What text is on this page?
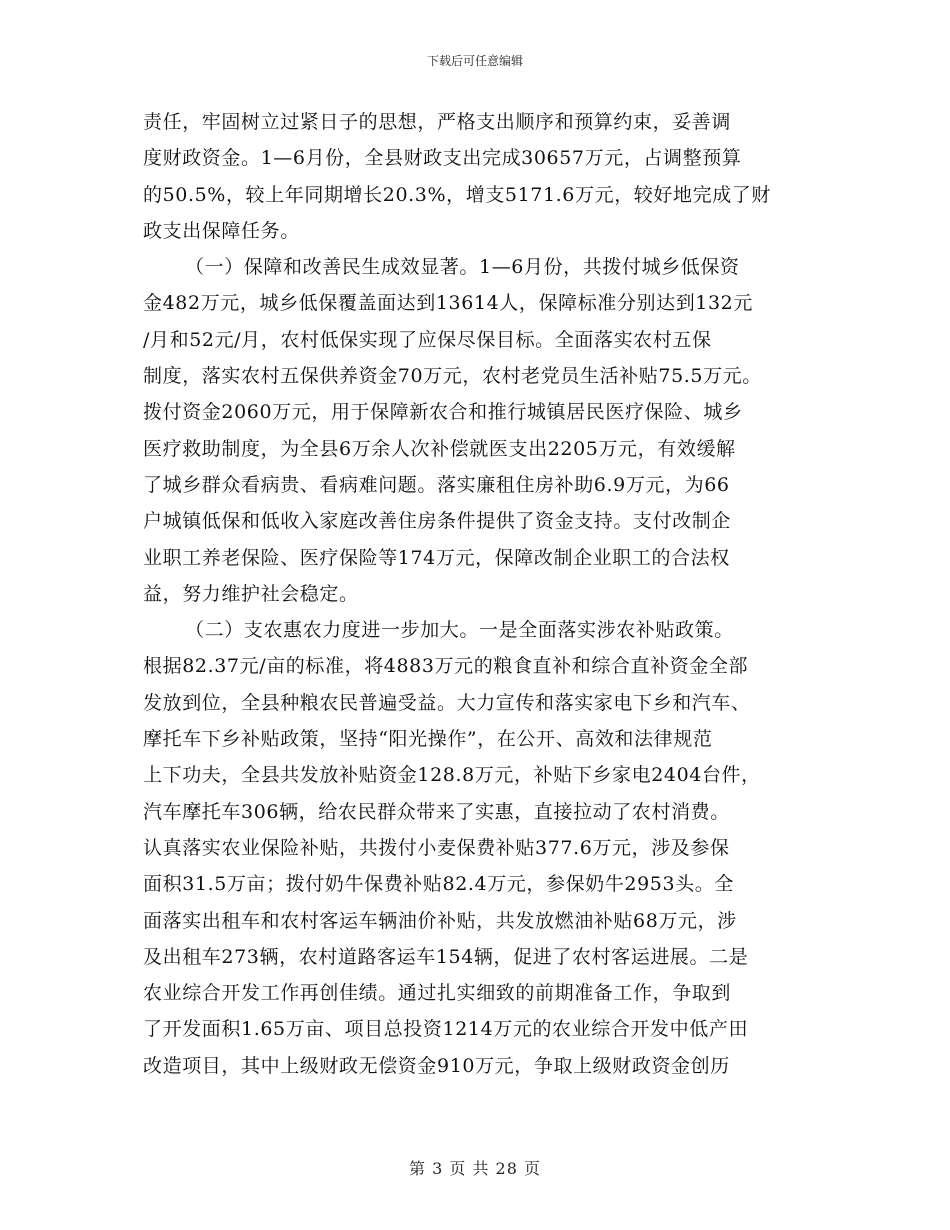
下载后可任意编辑
责任，牢固树立过紧日子的思想，严格支出顺序和预算约束，妥善调
度财政资金。1—6月份，全县财政支出完成30657万元，占调整预算
的50.5%，较上年同期增长20.3%，增支5171.6万元，较好地完成了财
政支出保障任务。
（一）保障和改善民生成效显著。1—6月份，共拨付城乡低保资
金482万元，城乡低保覆盖面达到13614人，保障标准分别达到132元
/月和52元/月，农村低保实现了应保尽保目标。全面落实农村五保
制度，落实农村五保供养资金70万元，农村老党员生活补贴75.5万元。
拨付资金2060万元，用于保障新农合和推行城镇居民医疗保险、城乡
医疗救助制度，为全县6万余人次补偿就医支出2205万元，有效缓解
了城乡群众看病贵、看病难问题。落实廉租住房补助6.9万元，为66
户城镇低保和低收入家庭改善住房条件提供了资金支持。支付改制企
业职工养老保险、医疗保险等174万元，保障改制企业职工的合法权
益，努力维护社会稳定。
（二）支农惠农力度进一步加大。一是全面落实涉农补贴政策。
根据82.37元/亩的标准，将4883万元的粮食直补和综合直补资金全部
发放到位，全县种粮农民普遍受益。大力宣传和落实家电下乡和汽车、
摩托车下乡补贴政策，坚持“阳光操作”，在公开、高效和法律规范
上下功夫，全县共发放补贴资金128.8万元，补贴下乡家电2404台件，
汽车摩托车306辆，给农民群众带来了实惠，直接拉动了农村消费。
认真落实农业保险补贴，共拨付小麦保费补贴377.6万元，涉及参保
面积31.5万亩；拨付奶牛保费补贴82.4万元，参保奶牛2953头。全
面落实出租车和农村客运车辆油价补贴，共发放燃油补贴68万元，涉
及出租车273辆，农村道路客运车154辆，促进了农村客运进展。二是
农业综合开发工作再创佳绩。通过扎实细致的前期准备工作，争取到
了开发面积1.65万亩、项目总投资1214万元的农业综合开发中低产田
改造项目，其中上级财政无偿资金910万元，争取上级财政资金创历
第 3 页 共 28 页
